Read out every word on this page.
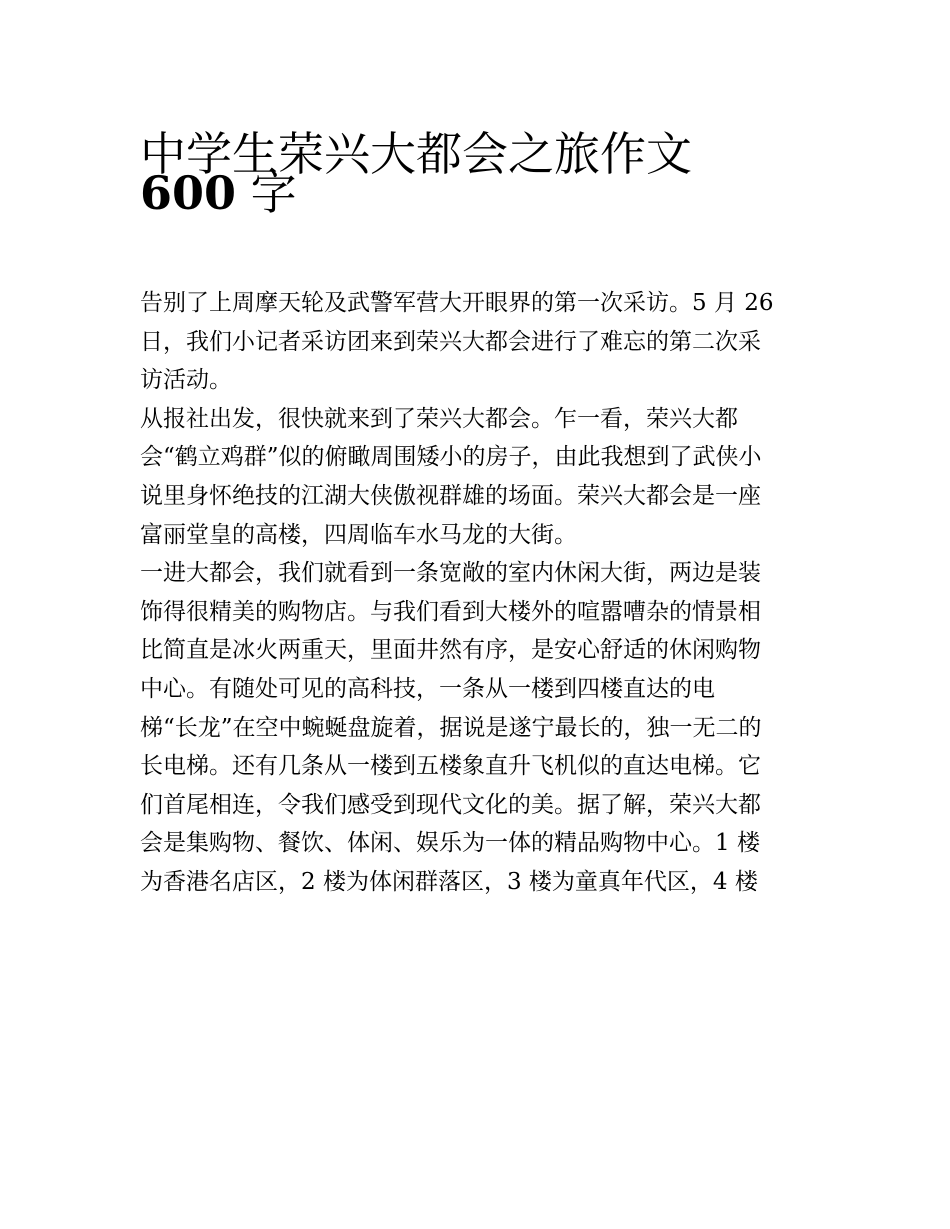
中学生荣兴大都会之旅作文
600 字
告别了上周摩天轮及武警军营大开眼界的第一次采访。5 月 26
日，我们小记者采访团来到荣兴大都会进行了难忘的第二次采
访活动。
从报社出发，很快就来到了荣兴大都会。乍一看，荣兴大都
会“鹤立鸡群”似的俯瞰周围矮小的房子，由此我想到了武侠小
说里身怀绝技的江湖大侠傲视群雄的场面。荣兴大都会是一座
富丽堂皇的高楼，四周临车水马龙的大街。
一进大都会，我们就看到一条宽敞的室内休闲大街，两边是装
饰得很精美的购物店。与我们看到大楼外的喧嚣嘈杂的情景相
比简直是冰火两重天，里面井然有序，是安心舒适的休闲购物
中心。有随处可见的高科技，一条从一楼到四楼直达的电
梯“长龙”在空中蜿蜒盘旋着，据说是遂宁最长的，独一无二的
长电梯。还有几条从一楼到五楼象直升飞机似的直达电梯。它
们首尾相连，令我们感受到现代文化的美。据了解，荣兴大都
会是集购物、餐饮、体闲、娱乐为一体的精品购物中心。1 楼
为香港名店区，2 楼为体闲群落区，3 楼为童真年代区，4 楼
